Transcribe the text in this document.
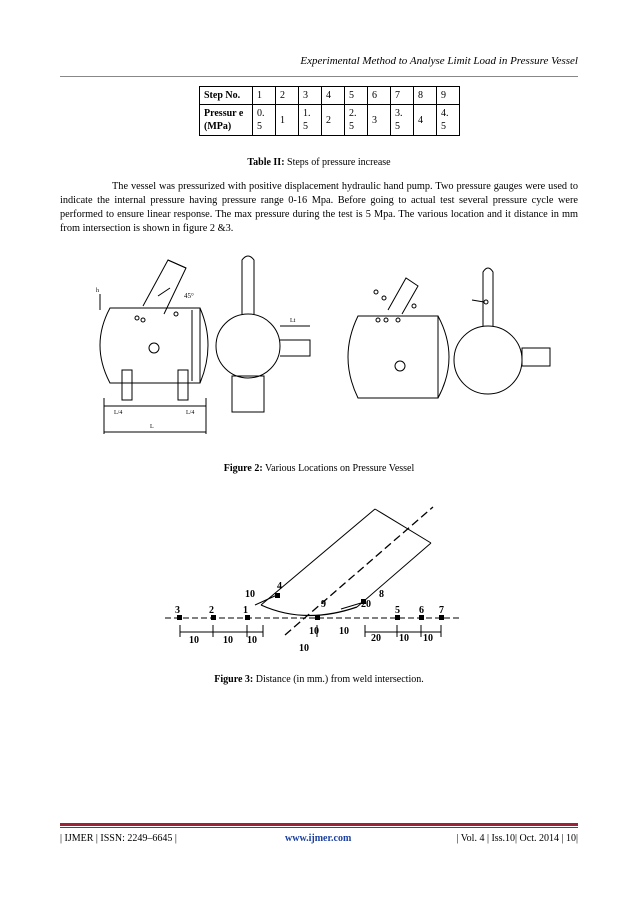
Experimental Method to Analyse Limit Load in Pressure Vessel
Step No.	1	2	3	4	5	6	7	8	9
Pressur e (MPa)	0. 5	1	1. 5	2	2. 5	3	3. 5	4	4. 5
Table II: Steps of pressure increase

The vessel was pressurized with positive displacement hydraulic hand pump. Two pressure gauges were used to indicate the internal pressure having pressure range 0-16 Mpa. Before going to actual test several pressure cycle were performed to ensure linear response. The max pressure during the test is 5 Mpa. The various location and it distance in mm from intersection is shown in figure 2 &3.

45°
L/4
L
L/4
h
Lt
Figure 2: Various Locations on Pressure Vessel
3	2	1
4
9
8
5 6 7
10 10 10
10
10 10
10
20
20
10 10
Figure 3: Distance (in mm.) from weld intersection.
| IJMER | ISSN: 2249–6645 |	www.ijmer.com	| Vol. 4 | Iss.10| Oct. 2014 | 10|
